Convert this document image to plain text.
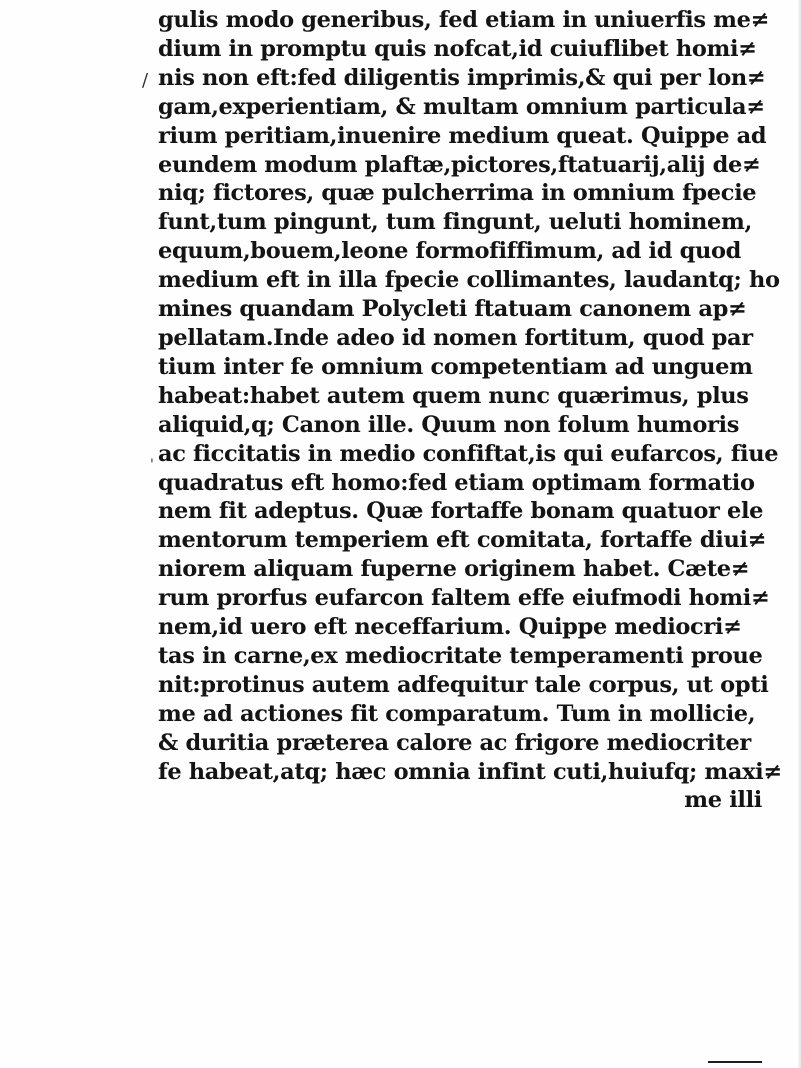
gulis modo generibus, fed etiam in uniuerfis me≠
dium in promptu quis nofcat,id cuiuflibet homi≠
nis non eft:fed diligentis imprimis,& qui per lon≠
gam,experientiam, & multam omnium particula≠
rium peritiam,inuenire medium queat. Quippe ad
eundem modum plaftæ,pictores,ftatuarij,alij de≠
niq; fictores, quæ pulcherrima in omnium fpecie
funt,tum pingunt, tum fingunt, ueluti hominem,
equum,bouem,leone formofiffimum, ad id quod
medium eft in illa fpecie collimantes, laudantq; ho
mines quandam Polycleti ftatuam canonem ap≠
pellatam.Inde adeo id nomen fortitum, quod par
tium inter fe omnium competentiam ad unguem
habeat:habet autem quem nunc quærimus, plus
aliquid,q; Canon ille. Quum non folum humoris
ac ficcitatis in medio confiftat,is qui eufarcos, fiue
quadratus eft homo:fed etiam optimam formatio
nem fit adeptus. Quæ fortaffe bonam quatuor ele
mentorum temperiem eft comitata, fortaffe diui≠
niorem aliquam fuperne originem habet. Cæte≠
rum prorfus eufarcon faltem effe eiufmodi homi≠
nem,id uero eft neceffarium. Quippe mediocri≠
tas in carne,ex mediocritate temperamenti proue
nit:protinus autem adfequitur tale corpus, ut opti
me ad actiones fit comparatum. Tum in mollicie,
& duritia præterea calore ac frigore mediocriter
fe habeat,atq; hæc omnia infint cuti,huiufq; maxi≠
me illi
/
'
